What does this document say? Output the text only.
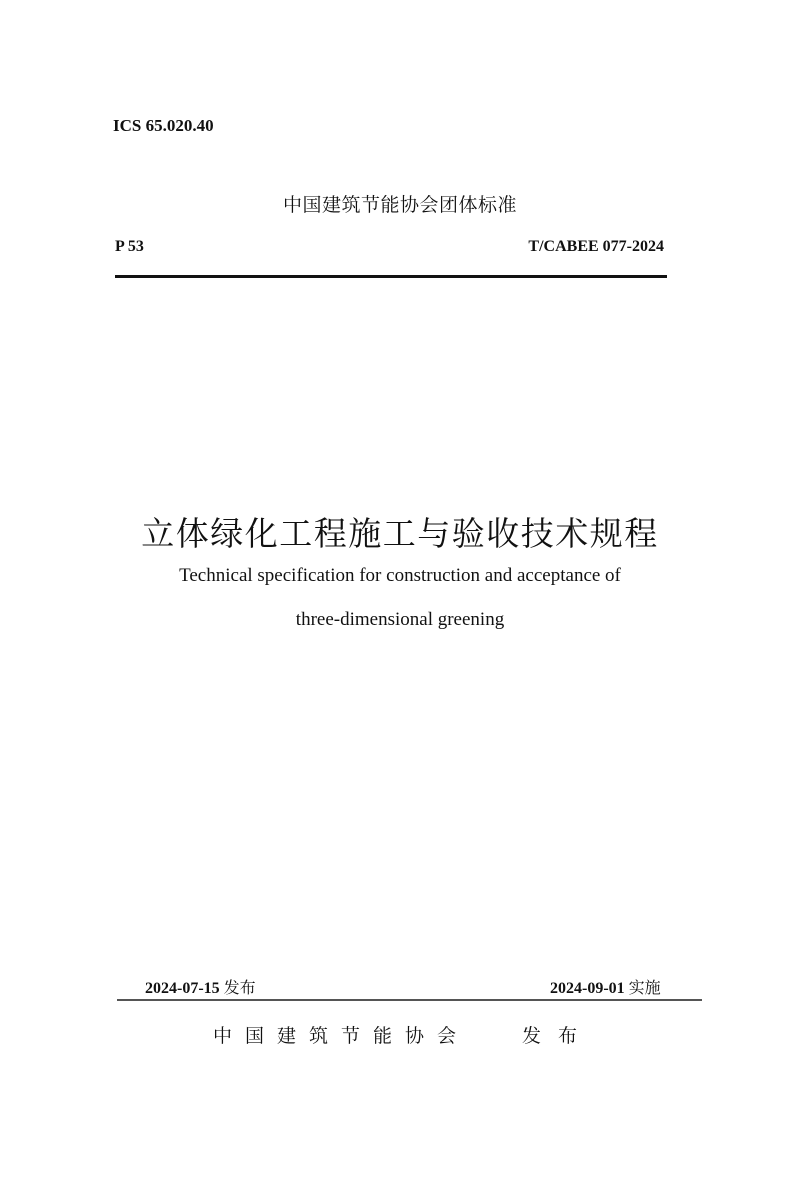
ICS 65.020.40
中国建筑节能协会团体标准
P 53	T/CABEE 077-2024
立体绿化工程施工与验收技术规程
Technical specification for construction and acceptance of
three-dimensional greening
2024-07-15 发布	2024-09-01 实施
中国建筑节能协会	发布
